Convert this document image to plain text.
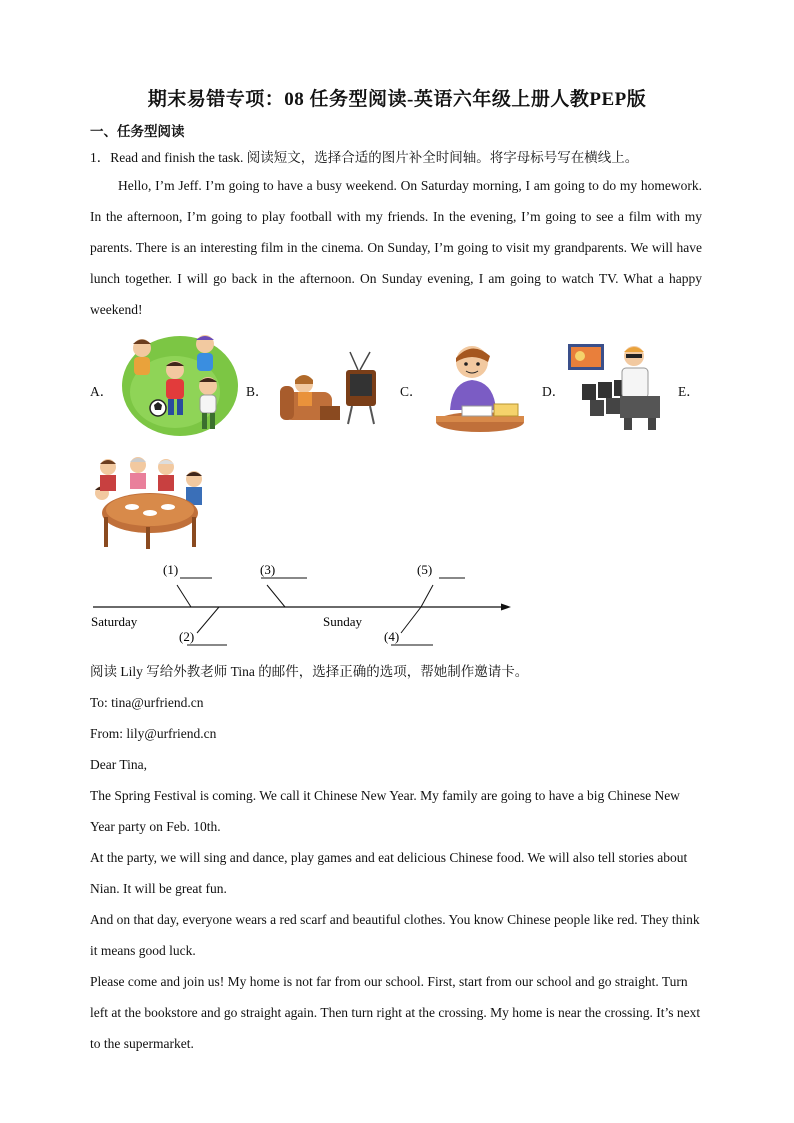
期末易错专项：08 任务型阅读-英语六年级上册人教PEP版
一、任务型阅读
1．Read and finish the task. 阅读短文，选择合适的图片补全时间轴。将字母标号写在横线上。

Hello, I’m Jeff. I’m going to have a busy weekend. On Saturday morning, I am going to do my homework. In the afternoon, I’m going to play football with my friends. In the evening, I’m going to see a film with my parents. There is an interesting film in the cinema. On Sunday, I’m going to visit my grandparents. We will have lunch together. I will go back in the afternoon. On Sunday evening, I am going to watch TV. What a happy weekend!

A．	B．	C．	D．	E．
(1)
(2)
(3)
(4)
(5)
Saturday	Sunday

阅读 Lily 写给外教老师 Tina 的邮件，选择正确的选项，帮她制作邀请卡。

To: tina@urfriend.cn

From: lily@urfriend.cn

Dear Tina,

The Spring Festival is coming. We call it Chinese New Year. My family are going to have a big Chinese New Year party on Feb. 10th.

At the party, we will sing and dance, play games and eat delicious Chinese food. We will also tell stories about Nian. It will be great fun.

And on that day, everyone wears a red scarf and beautiful clothes. You know Chinese people like red. They think it means good luck.

Please come and join us! My home is not far from our school. First, start from our school and go straight. Turn left at the bookstore and go straight again. Then turn right at the crossing. My home is near the crossing. It’s next to the supermarket.
